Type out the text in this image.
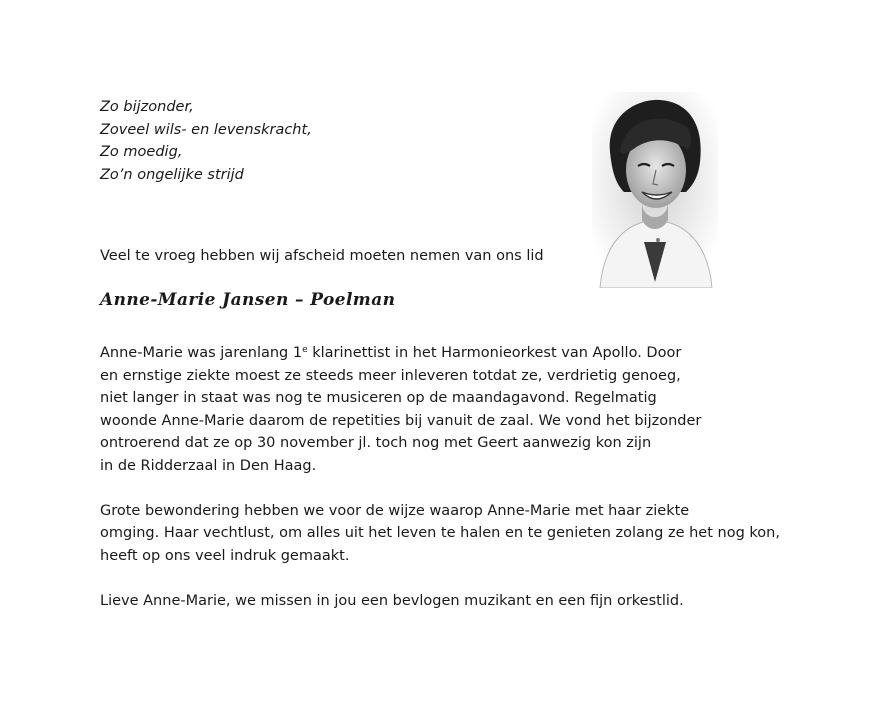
Zo bijzonder,
Zoveel wils- en levenskracht,
Zo moedig,
Zo’n ongelijke strijd
Veel te vroeg hebben wij afscheid moeten nemen van ons lid
Anne-Marie Jansen – Poelman

Anne-Marie was jarenlang 1e klarinettist in het Harmonieorkest van Apollo. Door
en ernstige ziekte moest ze steeds meer inleveren totdat ze, verdrietig genoeg,
niet langer in staat was nog te musiceren op de maandagavond. Regelmatig
woonde Anne-Marie daarom de repetities bij vanuit de zaal. We vond het bijzonder
ontroerend dat ze op 30 november jl. toch nog met Geert aanwezig kon zijn
in de Ridderzaal in Den Haag.

Grote bewondering hebben we voor de wijze waarop Anne-Marie met haar ziekte
omging. Haar vechtlust, om alles uit het leven te halen en te genieten zolang ze het nog kon,
heeft op ons veel indruk gemaakt.

Lieve Anne-Marie, we missen in jou een bevlogen muzikant en een fijn orkestlid.
